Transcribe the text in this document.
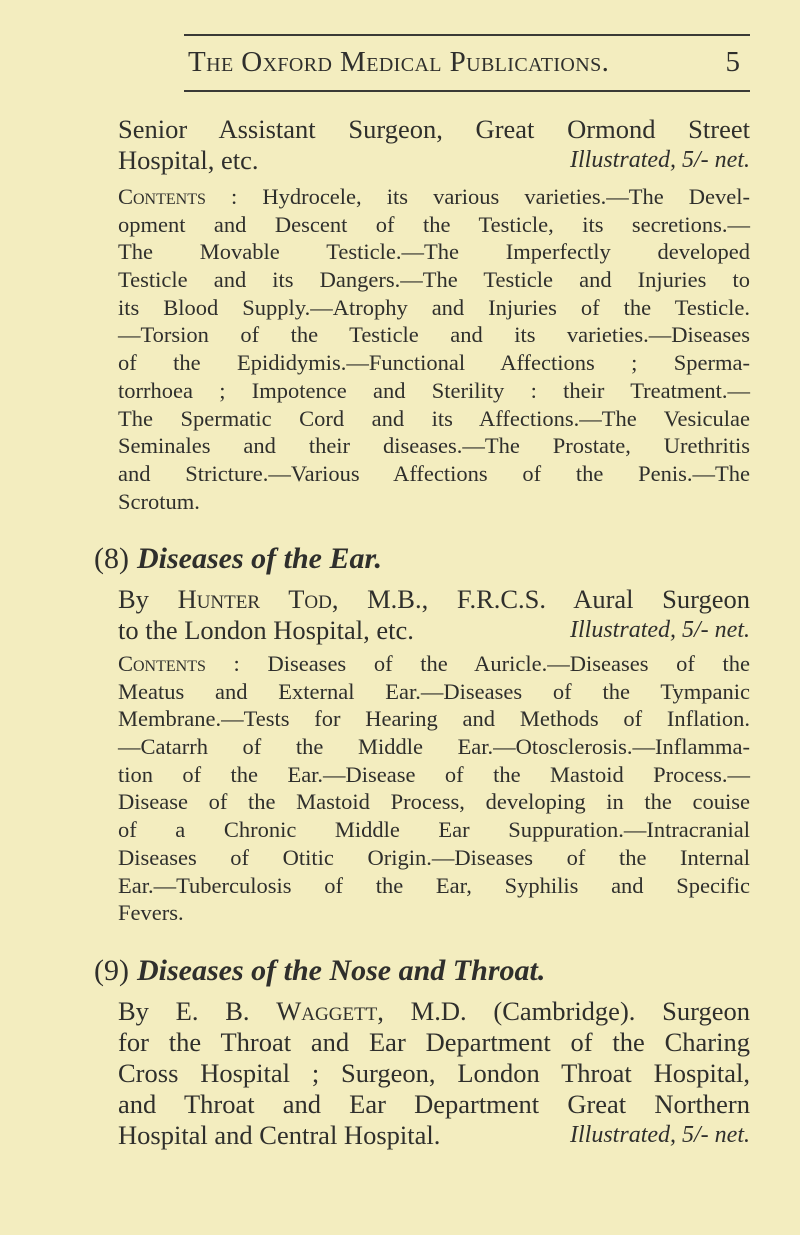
The Oxford Medical Publications.	5
Senior Assistant Surgeon, Great Ormond Street
Hospital, etc.	Illustrated, 5/- net.
Contents : Hydrocele, its various varieties.—The Devel-
opment and Descent of the Testicle, its secretions.—
The Movable Testicle.—The Imperfectly developed
Testicle and its Dangers.—The Testicle and Injuries to
its Blood Supply.—Atrophy and Injuries of the Testicle.
—Torsion of the Testicle and its varieties.—Diseases
of the Epididymis.—Functional Affections ; Sperma-
torrhoea ; Impotence and Sterility : their Treatment.—
The Spermatic Cord and its Affections.—The Vesiculae
Seminales and their diseases.—The Prostate, Urethritis
and Stricture.—Various Affections of the Penis.—The
Scrotum.
(8) Diseases of the Ear.
By Hunter Tod, M.B., F.R.C.S. Aural Surgeon
to the London Hospital, etc.	Illustrated, 5/- net.
Contents : Diseases of the Auricle.—Diseases of the
Meatus and External Ear.—Diseases of the Tympanic
Membrane.—Tests for Hearing and Methods of Inflation.
—Catarrh of the Middle Ear.—Otosclerosis.—Inflamma-
tion of the Ear.—Disease of the Mastoid Process.—
Disease of the Mastoid Process, developing in the couise
of a Chronic Middle Ear Suppuration.—Intracranial
Diseases of Otitic Origin.—Diseases of the Internal
Ear.—Tuberculosis of the Ear, Syphilis and Specific
Fevers.
(9) Diseases of the Nose and Throat.
By E. B. Waggett, M.D. (Cambridge). Surgeon
for the Throat and Ear Department of the Charing
Cross Hospital ; Surgeon, London Throat Hospital,
and Throat and Ear Department Great Northern
Hospital and Central Hospital.	Illustrated, 5/- net.
